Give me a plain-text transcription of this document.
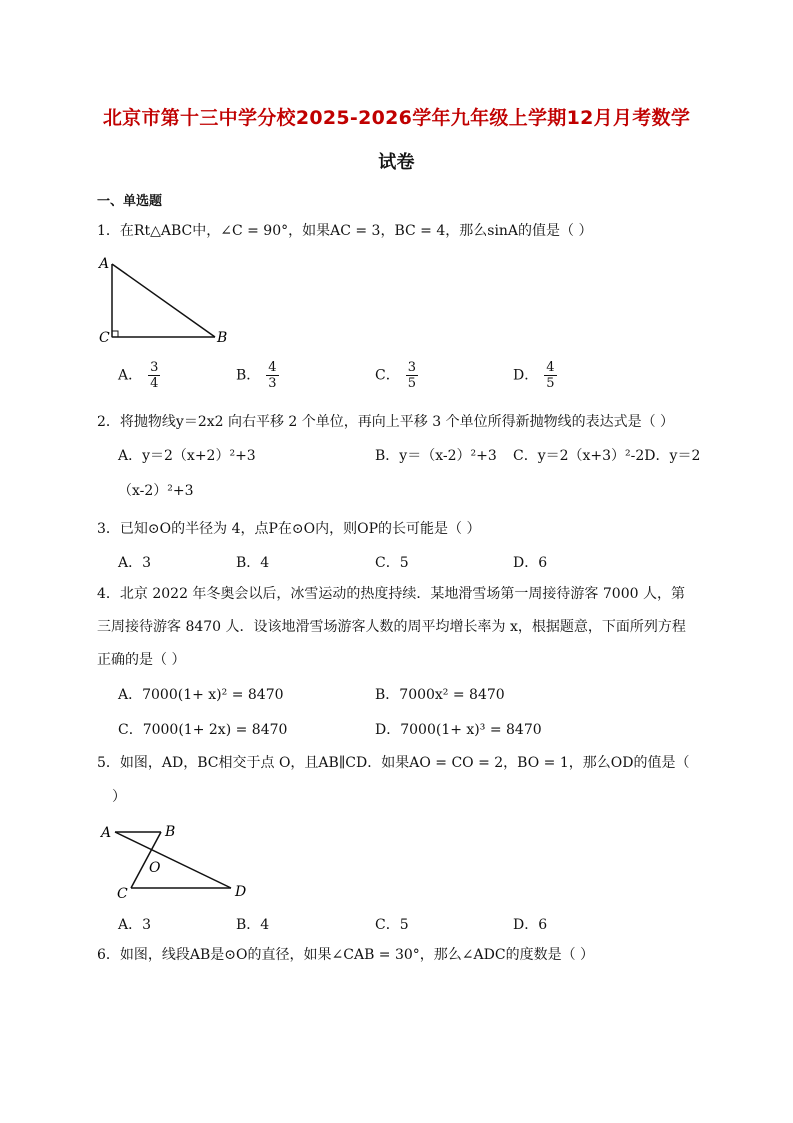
北京市第十三中学分校2025-2026学年九年级上学期12月月考数学
试卷
一、单选题
1．在Rt△ABC中，∠C = 90°，如果AC = 3，BC = 4，那么sinA的值是（ ）
A
C	B
A． $\frac{3}{4}$	B． $\frac{4}{3}$	C． $\frac{3}{5}$	D． $\frac{4}{5}$
2．将抛物线y＝2x2 向右平移 2 个单位，再向上平移 3 个单位所得新抛物线的表达式是（ ）
A．y＝2（x+2）²+3	B．y＝（x-2）²+3 C．y＝2（x+3）²-2D．y＝2
（x-2）²+3
3．已知⊙O的半径为 4，点P在⊙O内，则OP的长可能是（ ）
A．3	B．4	C．5	D．6
4．北京 2022 年冬奥会以后，冰雪运动的热度持续．某地滑雪场第一周接待游客 7000 人，第三周接待游客 8470 人．设该地滑雪场游客人数的周平均增长率为 x，根据题意，下面所列方程正确的是（ ）
A．7000(1+ x)² = 8470	B．7000x² = 8470
C．7000(1+ 2x) = 8470	D．7000(1+ x)³ = 8470
5．如图，AD，BC相交于点 O，且AB∥CD．如果AO = CO = 2，BO = 1，那么OD的值是（
）
A	B
O
C	D
A．3	B．4	C．5	D．6
6．如图，线段AB是⊙O的直径，如果∠CAB = 30°，那么∠ADC的度数是（ ）
